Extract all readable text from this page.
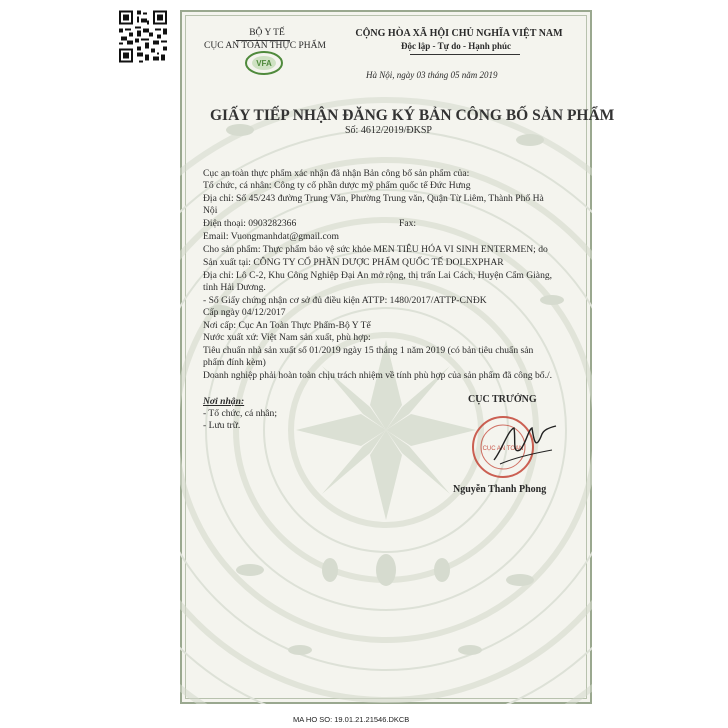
BỘ Y TẾ
CỤC AN TOÀN THỰC PHẨM
VFA
CỘNG HÒA XÃ HỘI CHỦ NGHĨA VIỆT NAM
Độc lập - Tự do - Hạnh phúc
Hà Nội, ngày 03 tháng 05 năm 2019
GIẤY TIẾP NHẬN ĐĂNG KÝ BẢN CÔNG BỐ SẢN PHẨM
Số: 4612/2019/ĐKSP
Cục an toàn thực phẩm xác nhận đã nhận Bản công bố sản phẩm của:
Tổ chức, cá nhân: Công ty cổ phần dược mỹ phẩm quốc tế Đức Hưng
Địa chỉ: Số 45/243 đường Trung Văn, Phường Trung văn, Quận Từ Liêm, Thành Phố Hà
Nội
Điện thoại: 0903282366	Fax:
Email: Vuongmanhdat@gmail.com
Cho sản phẩm: Thực phẩm bảo vệ sức khỏe MEN TIÊU HÓA VI SINH ENTERMEN; do
Sản xuất tại: CÔNG TY CỔ PHẦN DƯỢC PHẨM QUỐC TẾ DOLEXPHAR
Địa chỉ: Lô C-2, Khu Công Nghiệp Đại An mở rộng, thị trấn Lai Cách, Huyện Cẩm Giàng,
tỉnh Hải Dương.
- Số Giấy chứng nhận cơ sở đủ điều kiện ATTP: 1480/2017/ATTP-CNĐK
Cấp ngày 04/12/2017
Nơi cấp: Cục An Toàn Thực Phẩm-Bộ Y Tế
Nước xuất xứ: Việt Nam sản xuất, phù hợp:
Tiêu chuẩn nhà sản xuất số 01/2019 ngày 15 tháng 1 năm 2019 (có bản tiêu chuẩn sản
phẩm đính kèm)
Doanh nghiệp phải hoàn toàn chịu trách nhiệm về tính phù hợp của sản phẩm đã công bố./.
Nơi nhận:
- Tổ chức, cá nhân;
- Lưu trữ.
CỤC TRƯỞNG
CỤC AN TOÀN
Nguyễn Thanh Phong
MA HO SO: 19.01.21.21546.DKCB
